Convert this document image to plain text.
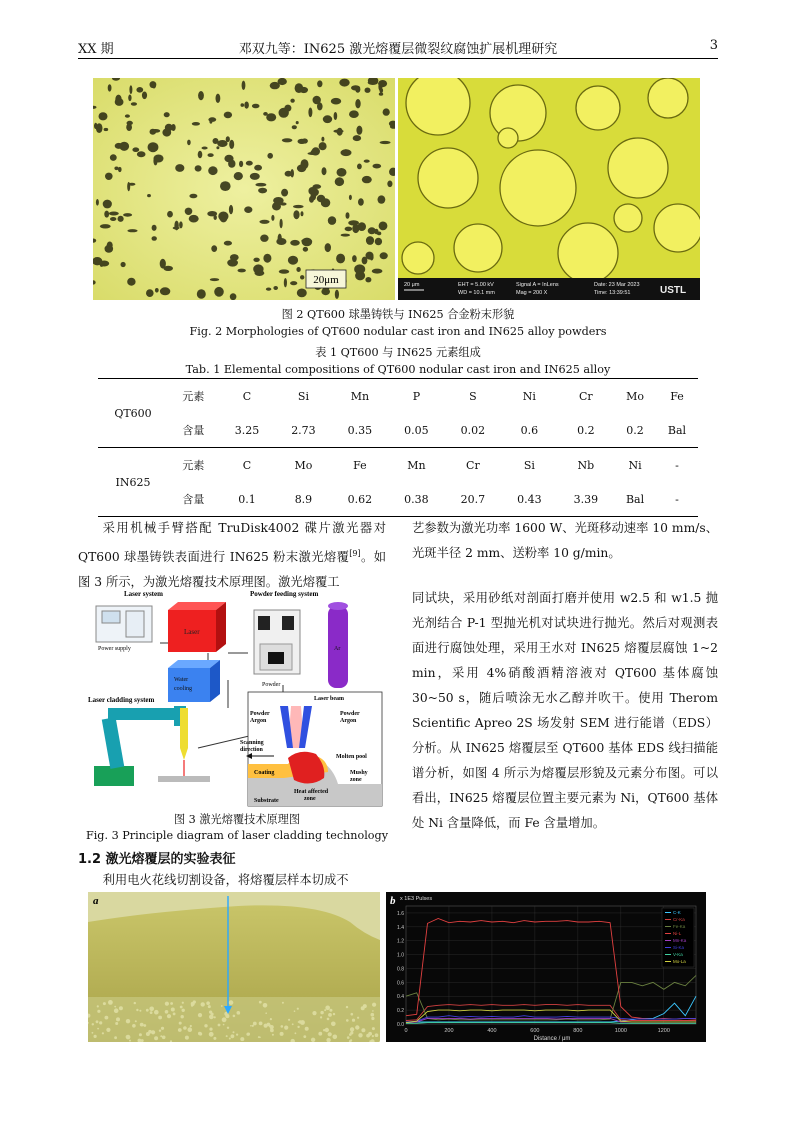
XX 期	邓双九等：IN625 激光熔覆层微裂纹腐蚀扩展机理研究	3
20μm	20 μm	EHT = 5.00 kV
WD = 10.1 mm
Signal A = InLens
Mag = 200 X
Date: 23 Mar 2023
Time: 13:39:51	USTL
图 2 QT600 球墨铸铁与 IN625 合金粉末形貌
Fig. 2 Morphologies of QT600 nodular cast iron and IN625 alloy powders
表 1 QT600 与 IN625 元素组成
Tab. 1 Elemental compositions of QT600 nodular cast iron and IN625 alloy
QT600	元素	C	Si	Mn	P	S	Ni	Cr	Mo	Fe
	含量	3.25	2.73	0.35	0.05	0.02	0.6	0.2	0.2	Bal
IN625	元素	C	Mo	Fe	Mn	Cr	Si	Nb	Ni	-
	含量	0.1	8.9	0.62	0.38	20.7	0.43	3.39	Bal	-
采用机械手臂搭配 TruDisk4002 碟片激光器对 QT600 球墨铸铁表面进行 IN625 粉末激光熔覆[9]。如图 3 所示，为激光熔覆技术原理图。激光熔覆工
Laser system	Powder feeding system
Power supply
Laser
Water
cooling
Powder
Ar
Laser cladding system	Laser beam
Powder
Argon
Powder
Argon
Scanning
direction
Molten pool
Coating	Mushy
zone
Heat affected
zone
Substrate
图 3 激光熔覆技术原理图
Fig. 3 Principle diagram of laser cladding technology
艺参数为激光功率 1600 W、光斑移动速率 10 mm/s、光斑半径 2 mm、送粉率 10 g/min。
同试块，采用砂纸对剖面打磨并使用 w2.5 和 w1.5 抛光剂结合 P-1 型抛光机对试块进行抛光。然后对观测表面进行腐蚀处理，采用王水对 IN625 熔覆层腐蚀 1~2 min，采用 4%硝酸酒精溶液对 QT600 基体腐蚀 30~50 s，随后喷涂无水乙醇并吹干。使用 Therom Scientific Apreo 2S 场发射 SEM 进行能谱（EDS）分析。从 IN625 熔覆层至 QT600 基体 EDS 线扫描能谱分析，如图 4 所示为熔覆层形貌及元素分布图。可以看出，IN625 熔覆层位置主要元素为 Ni，QT600 基体处 Ni 含量降低，而 Fe 含量增加。
1.2 激光熔覆层的实验表征
利用电火花线切割设备，将熔覆层样本切成不
a	b x 1E3 Pulses
Distance / μm
0.0
0.2
0.4
0.6
0.8
1.0
1.2
1.4
1.6
0	200	400	600	800	1000	1200
C-K
Cr-Ka
Fe-Ka
Ni-L
Mn-Ka
Si-Ka
V-Ka
Mo-La
